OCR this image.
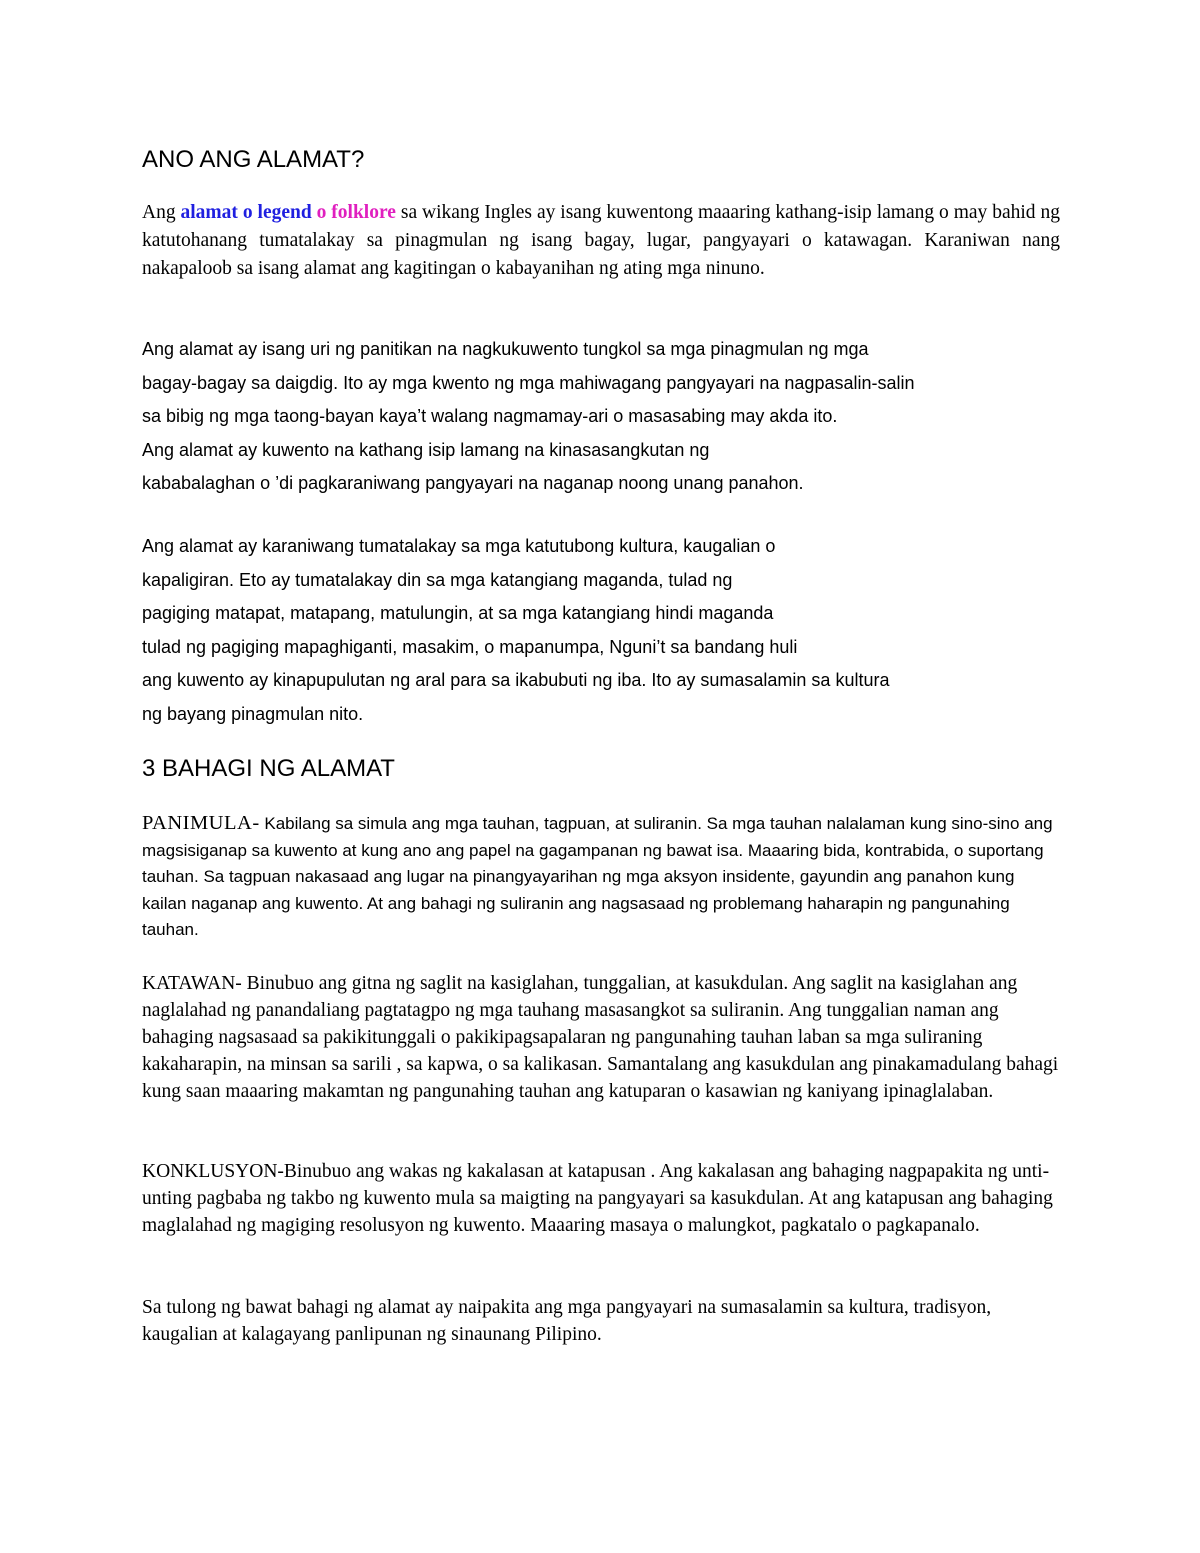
ANO ANG ALAMAT?

Ang alamat o legend o folklore sa wikang Ingles ay isang kuwentong maaaring kathang-isip lamang o may bahid ng katutohanang tumatalakay sa pinagmulan ng isang bagay, lugar, pangyayari o katawagan. Karaniwan nang nakapaloob sa isang alamat ang kagitingan o kabayanihan ng ating mga ninuno.

Ang alamat ay isang uri ng panitikan na nagkukuwento tungkol sa mga pinagmulan ng mga
bagay-bagay sa daigdig. Ito ay mga kwento ng mga mahiwagang pangyayari na nagpasalin-salin
sa bibig ng mga taong-bayan kaya’t walang nagmamay-ari o masasabing may akda ito.
Ang alamat ay kuwento na kathang isip lamang na kinasasangkutan ng
kababalaghan o ’di pagkaraniwang pangyayari na naganap noong unang panahon.
Ang alamat ay karaniwang tumatalakay sa mga katutubong kultura, kaugalian o
kapaligiran. Eto ay tumatalakay din sa mga katangiang maganda, tulad ng
pagiging matapat, matapang, matulungin, at sa mga katangiang hindi maganda
tulad ng pagiging mapaghiganti, masakim, o mapanumpa, Nguni’t sa bandang huli
ang kuwento ay kinapupulutan ng aral para sa ikabubuti ng iba. Ito ay sumasalamin sa kultura
ng bayang pinagmulan nito.
3 BAHAGI NG ALAMAT

PANIMULA- Kabilang sa simula ang mga tauhan, tagpuan, at suliranin. Sa mga tauhan nalalaman kung sino-sino ang magsisiganap sa kuwento at kung ano ang papel na gagampanan ng bawat isa. Maaaring bida, kontrabida, o suportang tauhan. Sa tagpuan nakasaad ang lugar na pinangyayarihan ng mga aksyon insidente, gayundin ang panahon kung kailan naganap ang kuwento. At ang bahagi ng suliranin ang nagsasaad ng problemang haharapin ng pangunahing tauhan.

KATAWAN- Binubuo ang gitna ng saglit na kasiglahan, tunggalian, at kasukdulan. Ang saglit na kasiglahan ang naglalahad ng panandaliang pagtatagpo ng mga tauhang masasangkot sa suliranin. Ang tunggalian naman ang bahaging nagsasaad sa pakikitunggali o pakikipagsapalaran ng pangunahing tauhan laban sa mga suliraning kakaharapin, na minsan sa sarili , sa kapwa, o sa kalikasan. Samantalang ang kasukdulan ang pinakamadulang bahagi kung saan maaaring makamtan ng pangunahing tauhan ang katuparan o kasawian ng kaniyang ipinaglalaban.

KONKLUSYON-Binubuo ang wakas ng kakalasan at katapusan . Ang kakalasan ang bahaging nagpapakita ng unti-unting pagbaba ng takbo ng kuwento mula sa maigting na pangyayari sa kasukdulan. At ang katapusan ang bahaging maglalahad ng magiging resolusyon ng kuwento. Maaaring masaya o malungkot, pagkatalo o pagkapanalo.

Sa tulong ng bawat bahagi ng alamat ay naipakita ang mga pangyayari na sumasalamin sa kultura, tradisyon, kaugalian at kalagayang panlipunan ng sinaunang Pilipino.
